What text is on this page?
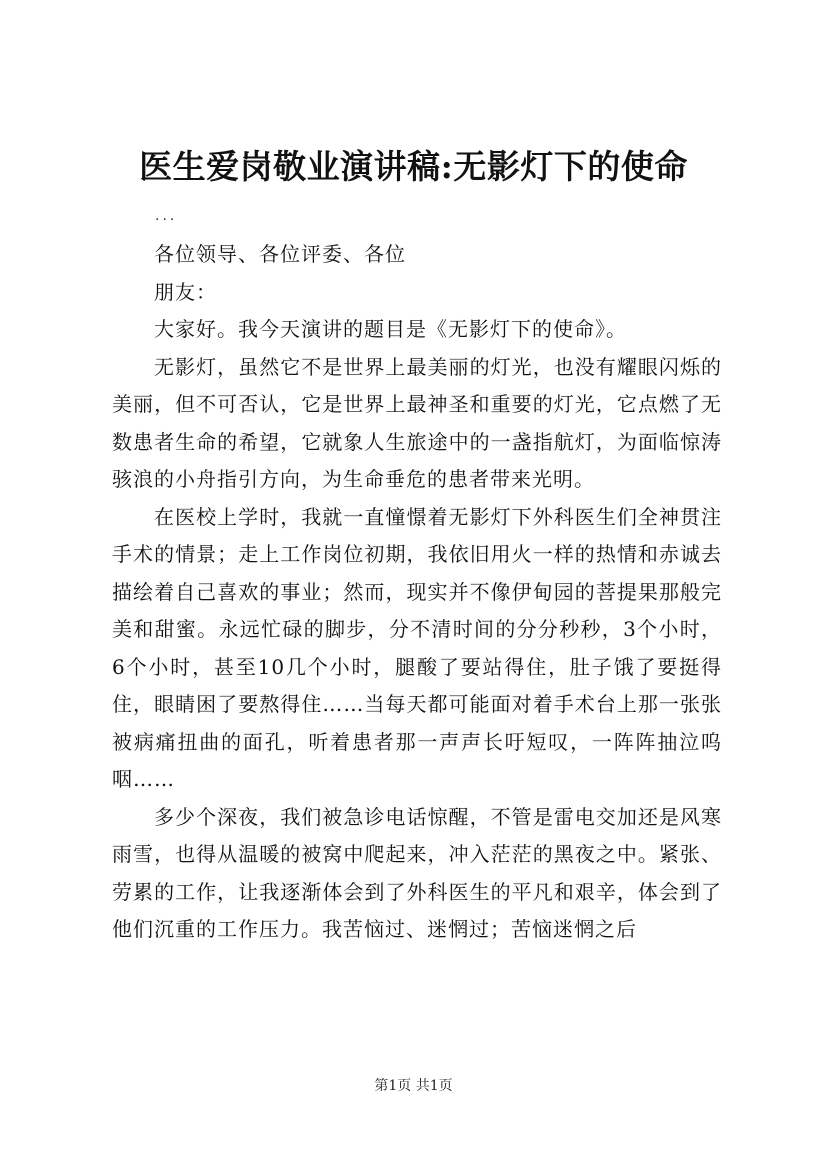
医生爱岗敬业演讲稿:无影灯下的使命
...

各位领导、各位评委、各位

朋友：

大家好。我今天演讲的题目是《无影灯下的使命》。

无影灯，虽然它不是世界上最美丽的灯光，也没有耀眼闪烁的美丽，但不可否认，它是世界上最神圣和重要的灯光，它点燃了无数患者生命的希望，它就象人生旅途中的一盏指航灯，为面临惊涛骇浪的小舟指引方向，为生命垂危的患者带来光明。

在医校上学时，我就一直憧憬着无影灯下外科医生们全神贯注手术的情景；走上工作岗位初期，我依旧用火一样的热情和赤诚去描绘着自己喜欢的事业；然而，现实并不像伊甸园的菩提果那般完美和甜蜜。永远忙碌的脚步，分不清时间的分分秒秒，3个小时，6个小时，甚至10几个小时，腿酸了要站得住，肚子饿了要挺得住，眼睛困了要熬得住……当每天都可能面对着手术台上那一张张被病痛扭曲的面孔，听着患者那一声声长吁短叹，一阵阵抽泣呜咽……

多少个深夜，我们被急诊电话惊醒，不管是雷电交加还是风寒雨雪，也得从温暖的被窝中爬起来，冲入茫茫的黑夜之中。紧张、劳累的工作，让我逐渐体会到了外科医生的平凡和艰辛，体会到了他们沉重的工作压力。我苦恼过、迷惘过；苦恼迷惘之后

第1页 共1页
